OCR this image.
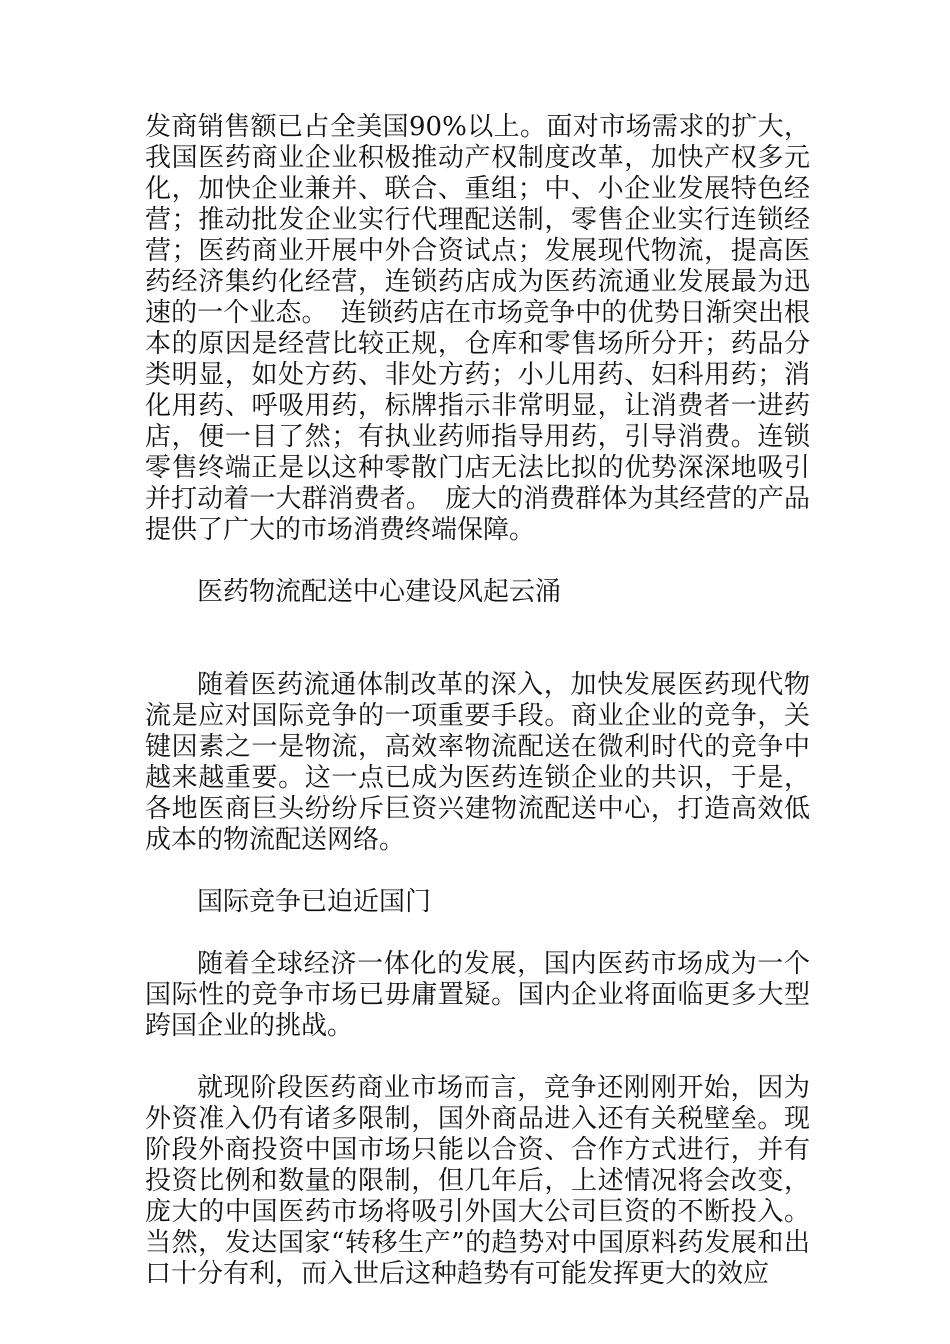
发商销售额已占全美国90%以上。面对市场需求的扩大，我国医药商业企业积极推动产权制度改革，加快产权多元化，加快企业兼并、联合、重组；中、小企业发展特色经营；推动批发企业实行代理配送制，零售企业实行连锁经营；医药商业开展中外合资试点；发展现代物流，提高医药经济集约化经营，连锁药店成为医药流通业发展最为迅速的一个业态。　连锁药店在市场竞争中的优势日渐突出根本的原因是经营比较正规，仓库和零售场所分开；药品分类明显，如处方药、非处方药；小儿用药、妇科用药；消化用药、呼吸用药，标牌指示非常明显，让消费者一进药店，便一目了然；有执业药师指导用药，引导消费。连锁零售终端正是以这种零散门店无法比拟的优势深深地吸引并打动着一大群消费者。　庞大的消费群体为其经营的产品提供了广大的市场消费终端保障。

医药物流配送中心建设风起云涌

随着医药流通体制改革的深入，加快发展医药现代物流是应对国际竞争的一项重要手段。商业企业的竞争，关键因素之一是物流，高效率物流配送在微利时代的竞争中越来越重要。这一点已成为医药连锁企业的共识，于是，各地医商巨头纷纷斥巨资兴建物流配送中心，打造高效低成本的物流配送网络。

国际竞争已迫近国门

随着全球经济一体化的发展，国内医药市场成为一个国际性的竞争市场已毋庸置疑。国内企业将面临更多大型跨国企业的挑战。

就现阶段医药商业市场而言，竞争还刚刚开始，因为外资准入仍有诸多限制，国外商品进入还有关税壁垒。现阶段外商投资中国市场只能以合资、合作方式进行，并有投资比例和数量的限制，但几年后，上述情况将会改变，庞大的中国医药市场将吸引外国大公司巨资的不断投入。当然，发达国家“转移生产”的趋势对中国原料药发展和出口十分有利，而入世后这种趋势有可能发挥更大的效应
